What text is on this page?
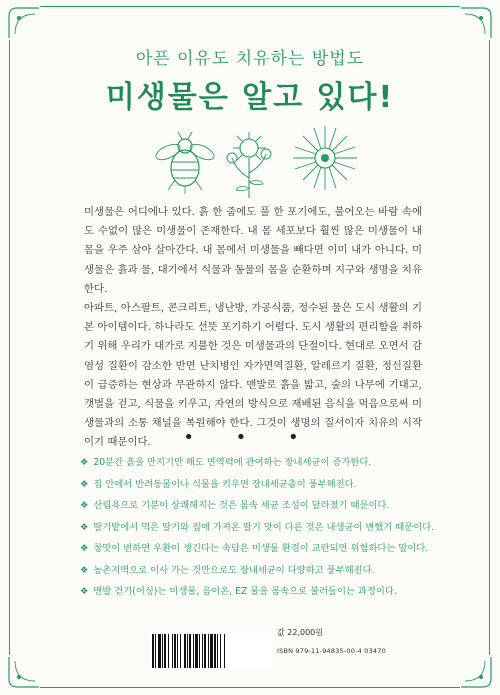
아픈 이유도 치유하는 방법도
미생물은 알고 있다!

미생물은 어디에나 있다. 흙 한 줌에도 풀 한 포기에도, 불어오는 바람 속에도 수없이 많은 미생물이 존재한다. 내 몸 세포보다 훨씬 많은 미생물이 내 몸을 우주 삼아 살아간다. 내 몸에서 미생물을 빼다면 이미 내가 아니다. 미생물은 흙과 물, 대기에서 식물과 동물의 몸을 순환하며 지구와 생명을 치유한다.

아파트, 아스팔트, 콘크리트, 냉난방, 가공식품, 정수된 물은 도시 생활의 기본 아이템이다. 하나라도 선뜻 포기하기 어렵다. 도시 생활의 편리함을 취하기 위해 우리가 대가로 지불한 것은 미생물과의 단절이다. 현대로 오면서 감염성 질환이 감소한 반면 난치병인 자가면역질환, 알레르기 질환, 정신질환이 급증하는 현상과 무관하지 않다. 맨발로 흙을 밟고, 숲의 나무에 기대고, 갯벌을 걷고, 식물을 키우고, 자연의 방식으로 재배된 음식을 먹음으로써 미생물과의 소통 채널을 복원해야 한다. 그것이 생명의 질서이자 치유의 시작이기 때문이다.	• • •
❖ 20분간 흙을 만지기만 해도 면역력에 관여하는 장내세균이 증가한다.
❖ 집 안에서 반려동물이나 식물을 키우면 장내세균총이 풍부해진다.
❖ 산림욕으로 기분이 상쾌해지는 것은 몸속 세균 조성이 달라졌기 때문이다.
❖ 딸기밭에서 먹은 딸기와 집에 가져온 딸기 맛이 다른 것은 내생균이 변했기 때문이다.
❖ 창맛이 변하면 우환이 생긴다는 속담은 미생물 환경이 교란되면 위험하다는 말이다.
❖ 농촌지역으로 이사 가는 것만으로도 장내세균이 다양하고 풍부해진다.
❖ 맨발 걷기(어싱)는 미생물, 음이온, EZ 물을 몸속으로 불러들이는 과정이다.
값 22,000원
ISBN 979-11-94835-00-4 03470
